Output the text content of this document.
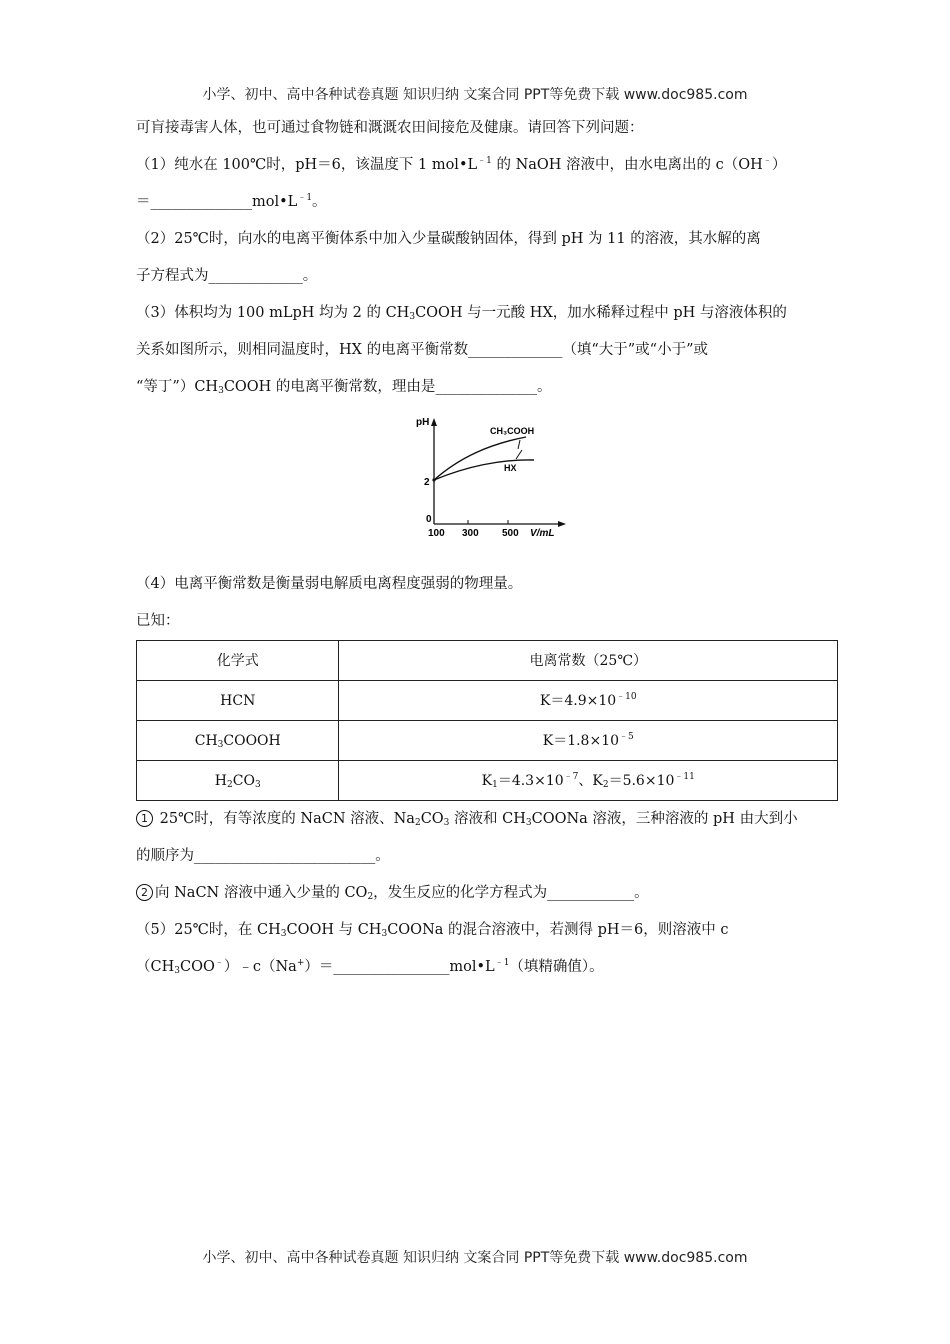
小学、初中、高中各种试卷真题 知识归纳 文案合同 PPT等免费下载 www.doc985.com

可肓接毒害人体，也可通过食物链和溉溉农田间接危及健康。请回答下列问题：

（1）纯水在 100℃时，pH＝6，该温度下 1 $mol•L^{﹣1}$ 的 NaOH 溶液中，由水电离出的 c（OH﹣）

$=\_\_\_\_\_\_\_\_\_\_\_\_\_\_mol•L^{﹣1}$。

（2）25℃时，向水的电离平衡体系中加入少量碳酸钠固体，得到 pH 为 11 的溶液，其水解的离

子方程式为_____________。

（3）体积均为 100 mLpH 均为 2 的 $CH_3COOH$ 与一元酸 HX，加水稀释过程中 pH 与溶液体积的

关系如图所示，则相同温度时，HX 的电离平衡常数_____________（填“大于”或“小于”或

“等丁$”)CH_3COOH$ 的电离平衡常数，理由是______________。

pH
2
0
100 300 500 V/mL
CH₃COOH
HX

（4）电离平衡常数是衡量弱电解质电离程度强弱的物理量。

已知：

化学式	电离常数（25℃）
HCN	$K=4.9\times 10^{﹣10}$
$CH_3COOOH$	$K=1.8\times 10^{﹣5}$
$H_2CO_3$	$K_1=4.3\times 10^{﹣7}$、$K_2=5.6\times 10^{﹣11}$

1 25℃时，有等浓度的 NaCN 溶液、$Na_2CO_3$ 溶液和 $CH_3COONa$ 溶液，三种溶液的 pH 由大到小

的顺序为_________________________。

2 向 NaCN 溶液中通入少量的 $CO_2$，发生反应的化学方程式为____________。

（5）25℃时，在 $CH_3COOH$ 与 $CH_3COONa$ 的混合溶液中，若测得 pH＝6，则溶液中 c

$(CH_3COO^﹣)﹣c(Na^+)=\_\_\_\_\_\_\_\_\_\_\_\_\_\_\_\_mol•L^{﹣1}$（填精确值）。

小学、初中、高中各种试卷真题 知识归纳 文案合同 PPT等免费下载 www.doc985.com
